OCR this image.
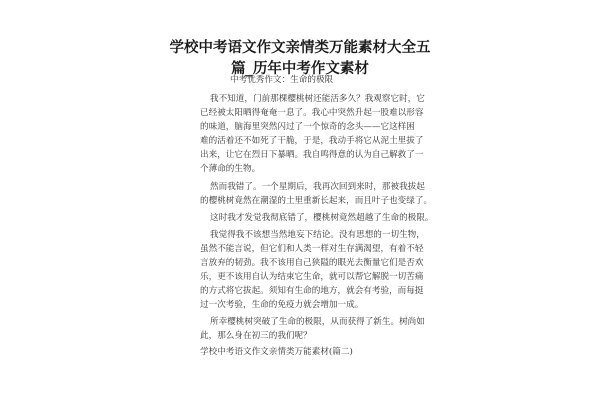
学校中考语文作文亲情类万能素材大全五
篇_历年中考作文素材
中考优秀作文：生命的极限
我不知道，门前那棵樱桃树还能活多久？我观察它时，它
已经被太阳晒得奄奄一息了。我心中突然升起一股难以形容
的味道，脑海里突然闪过了一个惊奇的念头——它这样困
难的活着还不如死了干脆，于是，我动手将它从泥土里拔了
出来，让它在烈日下暴晒。我自鸣得意的认为自己解救了一
个薄命的生物。
然而我错了。一个星期后，我再次回到来时，那被我拔起
的樱桃树竟然在潮湿的土里重新长起来，而且叶子也变绿了。
这时我才发觉我彻底错了，樱桃树竟然超越了生命的极限。
我觉得我不该想当然地妄下结论。没有思想的一切生物，
虽然不能言说，但它们和人类一样对生存满渴望，有着不轻
言放弃的韧劲。我不该用自己狭隘的眼光去衡量它们是否欢
乐，更不该用自认为结束它生命，就可以帮它解脱一切苦痛
的方式将它拔起。须知有生命的地方，就会有考验，而每挺
过一次考验，生命的免疫力就会增加一成。
所幸樱桃树突破了生命的极限，从而获得了新生。树尚如
此，那么身在初三的我们呢？
学校中考语文作文亲情类万能素材(篇二)
